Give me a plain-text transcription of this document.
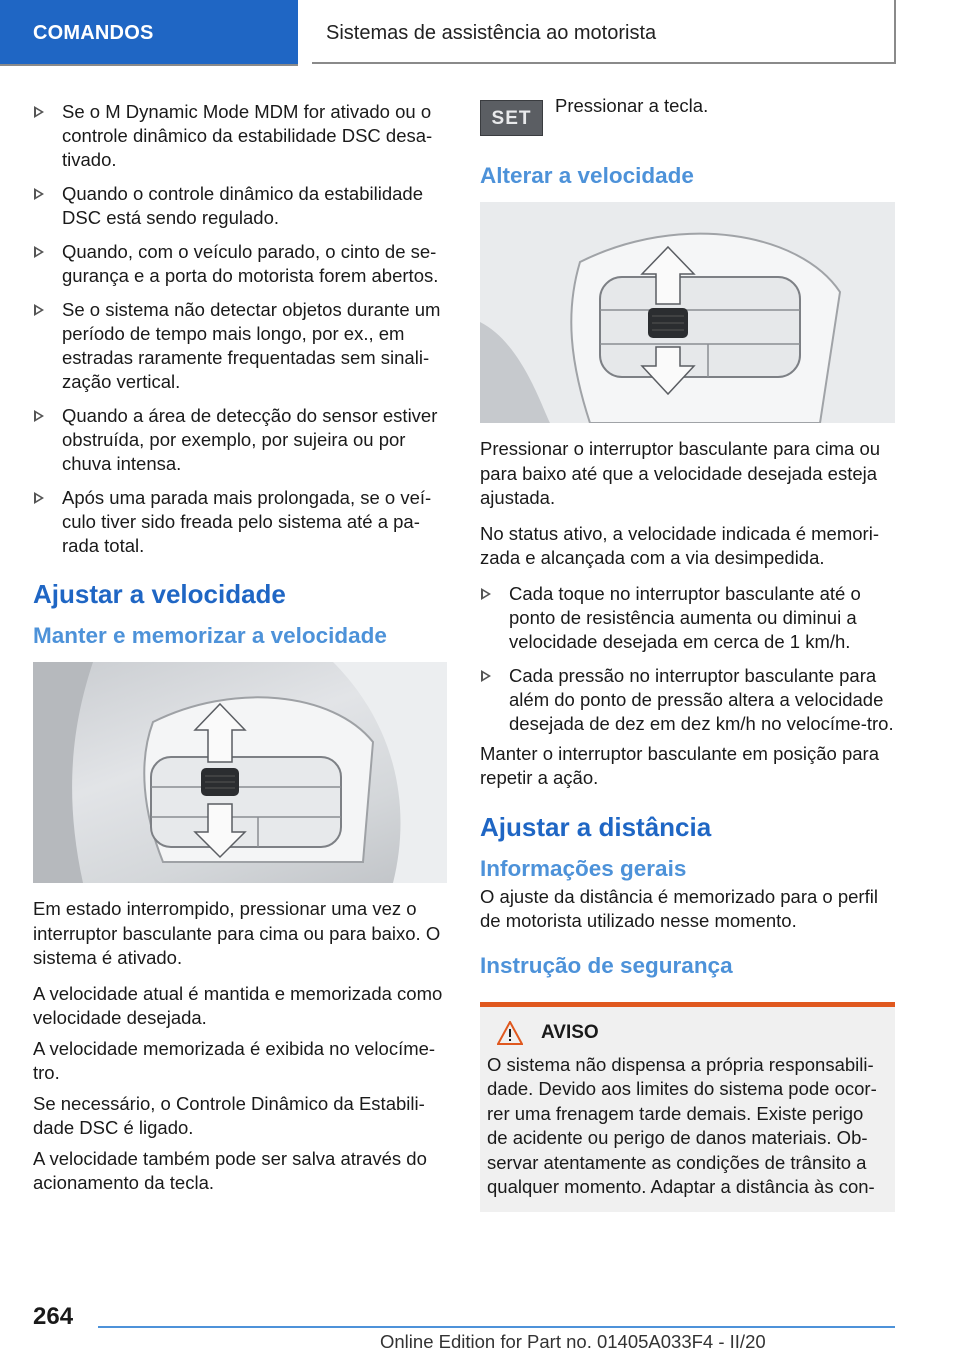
COMANDOS	Sistemas de assistência ao motorista
Se o M Dynamic Mode MDM for ativado ou o controle dinâmico da estabilidade DSC desa-tivado.
Quando o controle dinâmico da estabilidade DSC está sendo regulado.
Quando, com o veículo parado, o cinto de se-gurança e a porta do motorista forem abertos.
Se o sistema não detectar objetos durante um período de tempo mais longo, por ex., em estradas raramente frequentadas sem sinali-zação vertical.
Quando a área de detecção do sensor estiver obstruída, por exemplo, por sujeira ou por chuva intensa.
Após uma parada mais prolongada, se o veí-culo tiver sido freada pelo sistema até a pa-rada total.
Ajustar a velocidade
Manter e memorizar a velocidade

Em estado interrompido, pressionar uma vez o interruptor basculante para cima ou para baixo. O sistema é ativado.

A velocidade atual é mantida e memorizada como velocidade desejada.

A velocidade memorizada é exibida no velocíme-tro.

Se necessário, o Controle Dinâmico da Estabili-dade DSC é ligado.

A velocidade também pode ser salva através do acionamento da tecla.

SET
Pressionar a tecla.
Alterar a velocidade

Pressionar o interruptor basculante para cima ou para baixo até que a velocidade desejada esteja ajustada.

No status ativo, a velocidade indicada é memori-zada e alcançada com a via desimpedida.

Cada toque no interruptor basculante até o ponto de resistência aumenta ou diminui a velocidade desejada em cerca de 1 km/h.
Cada pressão no interruptor basculante para além do ponto de pressão altera a velocidade desejada de dez em dez km/h no velocíme-tro.

Manter o interruptor basculante em posição para repetir a ação.

Ajustar a distância
Informações gerais

O ajuste da distância é memorizado para o perfil de motorista utilizado nesse momento.

Instrução de segurança
AVISO

O sistema não dispensa a própria responsabili-dade. Devido aos limites do sistema pode ocor-rer uma frenagem tarde demais. Existe perigo de acidente ou perigo de danos materiais. Ob-servar atentamente as condições de trânsito a qualquer momento. Adaptar a distância às con-

264
Online Edition for Part no. 01405A033F4 - II/20
